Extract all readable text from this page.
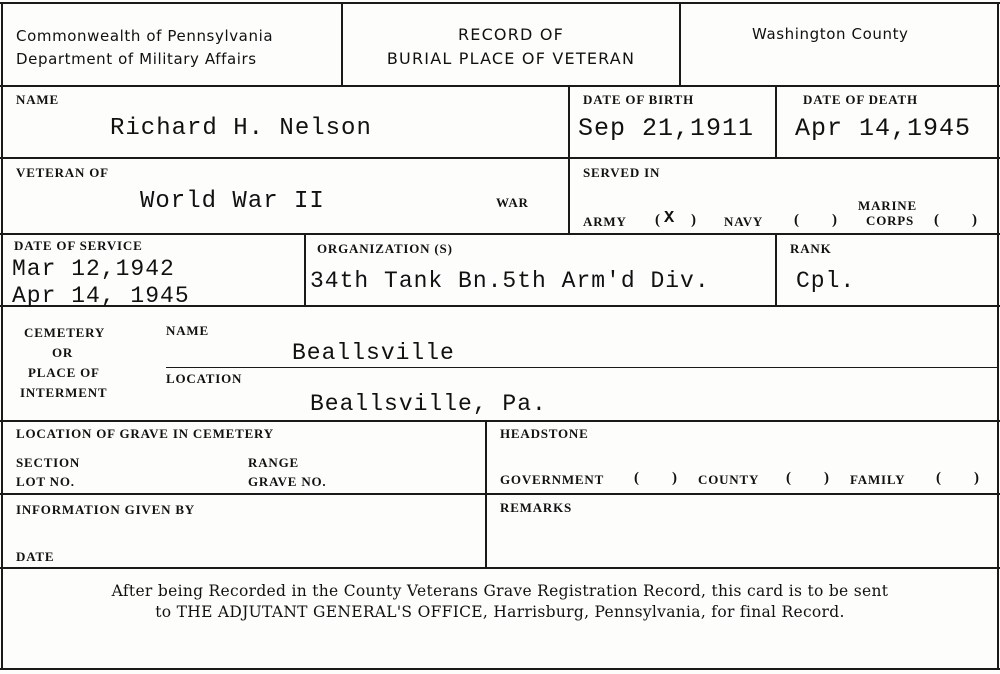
Commonwealth of Pennsylvania
Department of Military Affairs
RECORD OF
BURIAL PLACE OF VETERAN
Washington County
NAME
Richard H. Nelson
DATE OF BIRTH
Sep 21,1911
DATE OF DEATH
Apr 14,1945
VETERAN OF
World War II	WAR
SERVED IN
ARMY ( X ) NAVY ( )
MARINE
CORPS ( )
DATE OF SERVICE
Mar 12,1942
Apr 14, 1945
ORGANIZATION (S)
34th Tank Bn.5th Arm'd Div.
RANK
Cpl.
CEMETERY
OR
PLACE OF
INTERMENT
NAME
Beallsville
LOCATION
Beallsville, Pa.
LOCATION OF GRAVE IN CEMETERY
SECTION
LOT NO.
RANGE
GRAVE NO.
HEADSTONE
GOVERNMENT ( ) COUNTY ( ) FAMILY ( )
INFORMATION GIVEN BY
DATE
REMARKS
After being Recorded in the County Veterans Grave Registration Record, this card is to be sent
to THE ADJUTANT GENERAL'S OFFICE, Harrisburg, Pennsylvania, for final Record.
